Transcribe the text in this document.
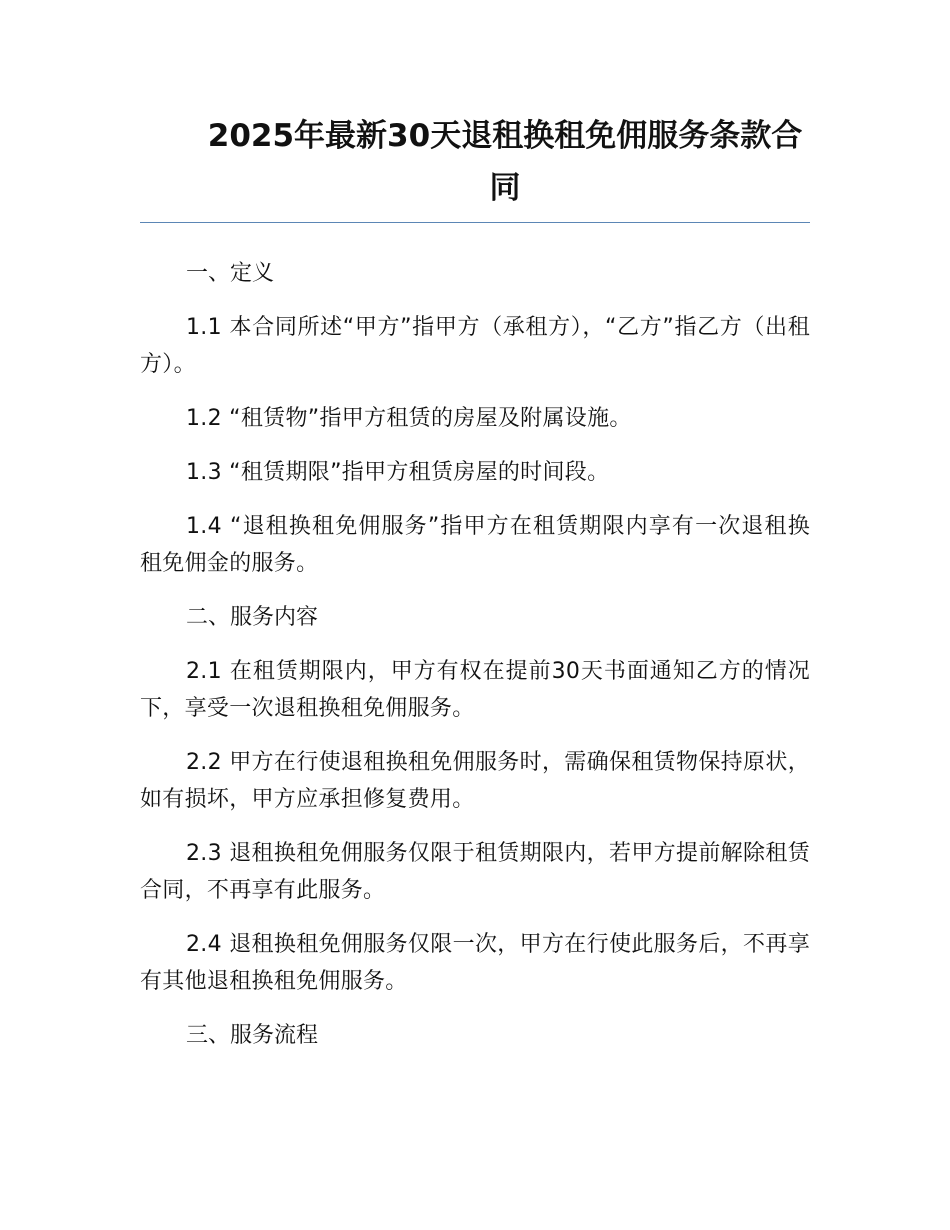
2025年最新30天退租换租免佣服务条款合同

一、定义

1.1 本合同所述“甲方”指甲方（承租方），“乙方”指乙方（出租方）。

1.2 “租赁物”指甲方租赁的房屋及附属设施。

1.3 “租赁期限”指甲方租赁房屋的时间段。

1.4 “退租换租免佣服务”指甲方在租赁期限内享有一次退租换租免佣金的服务。

二、服务内容

2.1 在租赁期限内，甲方有权在提前30天书面通知乙方的情况下，享受一次退租换租免佣服务。

2.2 甲方在行使退租换租免佣服务时，需确保租赁物保持原状，如有损坏，甲方应承担修复费用。

2.3 退租换租免佣服务仅限于租赁期限内，若甲方提前解除租赁合同，不再享有此服务。

2.4 退租换租免佣服务仅限一次，甲方在行使此服务后，不再享有其他退租换租免佣服务。

三、服务流程
